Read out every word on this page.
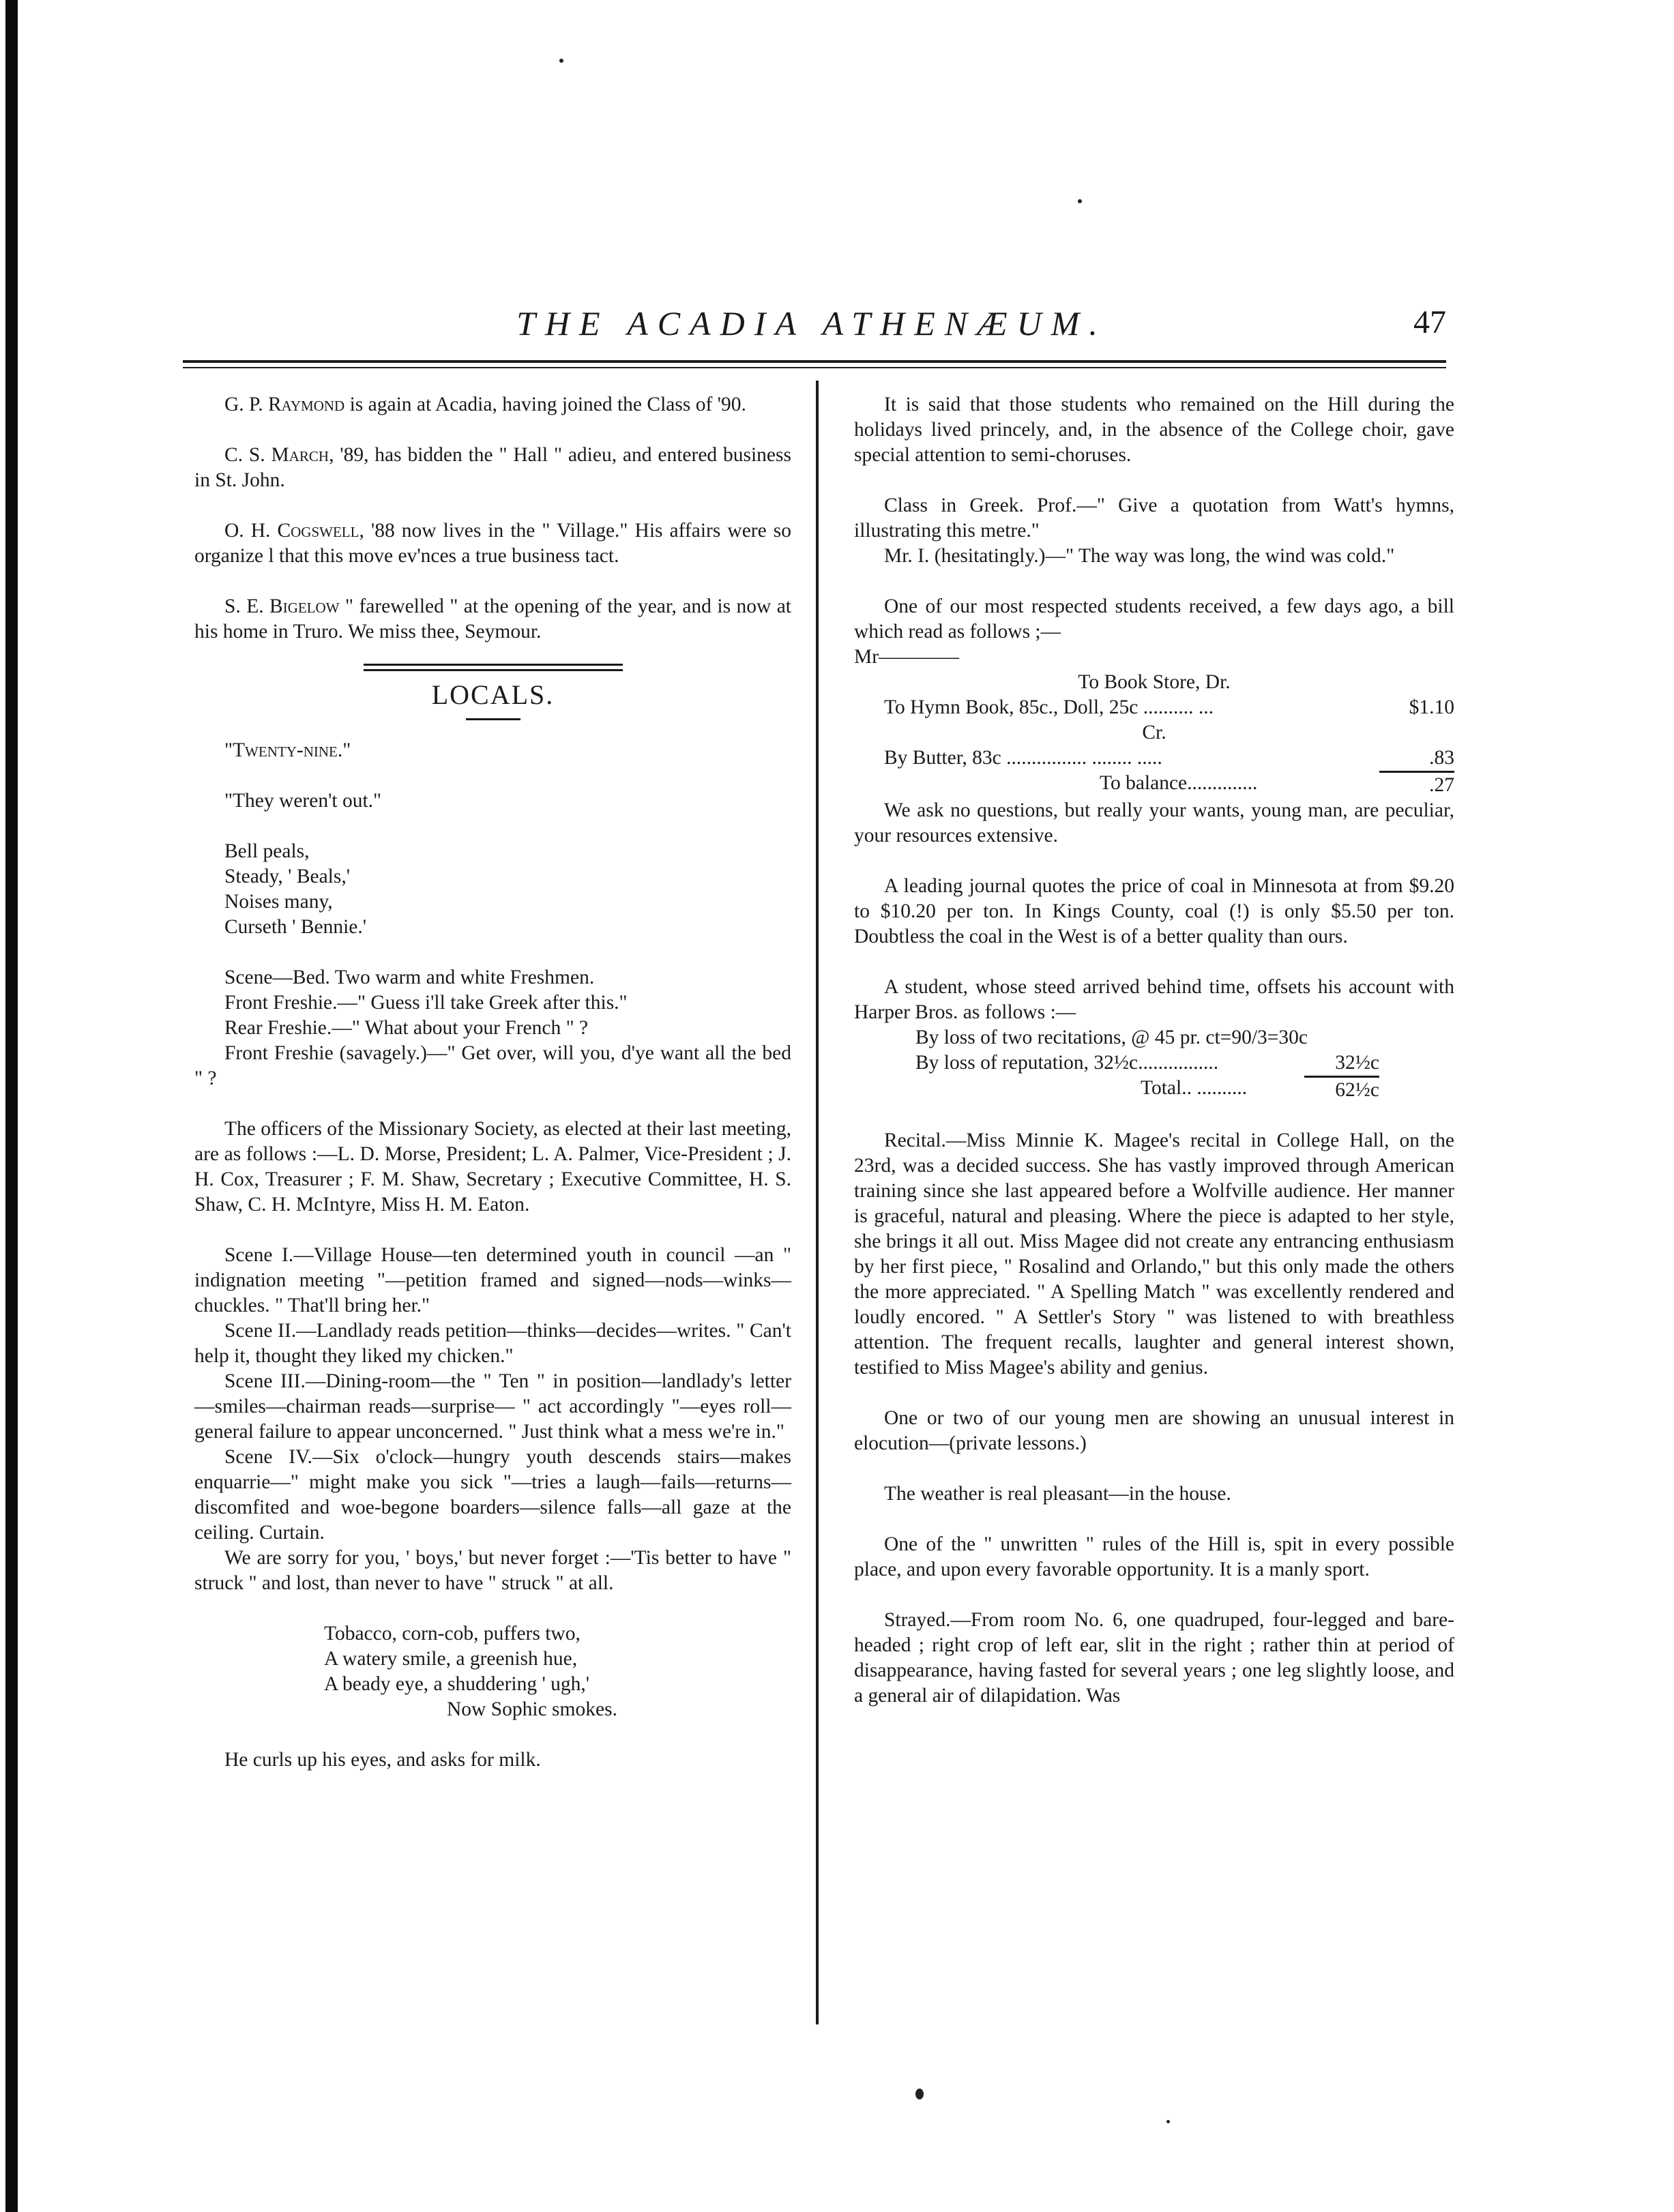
THE ACADIA ATHENÆUM.	47

G. P. Raymond is again at Acadia, having joined the Class of '90.

C. S. March, '89, has bidden the " Hall " adieu, and entered business in St. John.

O. H. Cogswell, '88 now lives in the " Village." His affairs were so organize l that this move ev'nces a true business tact.

S. E. Bigelow " farewelled " at the opening of the year, and is now at his home in Truro. We miss thee, Seymour.

LOCALS.

"Twenty-nine."

"They weren't out."

Bell peals,
Steady, ' Beals,'
Noises many,
Curseth ' Bennie.'

Scene—Bed. Two warm and white Freshmen.

Front Freshie.—" Guess i'll take Greek after this."

Rear Freshie.—" What about your French " ?

Front Freshie (savagely.)—" Get over, will you, d'ye want all the bed " ?

The officers of the Missionary Society, as elected at their last meeting, are as follows :—L. D. Morse, President; L. A. Palmer, Vice-President ; J. H. Cox, Treasurer ; F. M. Shaw, Secretary ; Executive Committee, H. S. Shaw, C. H. McIntyre, Miss H. M. Eaton.

Scene I.—Village House—ten determined youth in council —an " indignation meeting "—petition framed and signed—nods—winks—chuckles. " That'll bring her."

Scene II.—Landlady reads petition—thinks—decides—writes. " Can't help it, thought they liked my chicken."

Scene III.—Dining-room—the " Ten " in position—landlady's letter—smiles—chairman reads—surprise— " act accordingly "—eyes roll—general failure to appear unconcerned. " Just think what a mess we're in."

Scene IV.—Six o'clock—hungry youth descends stairs—makes enquarrie—" might make you sick "—tries a laugh—fails—returns—discomfited and woe-begone boarders—silence falls—all gaze at the ceiling. Curtain.

We are sorry for you, ' boys,' but never forget :—'Tis better to have " struck " and lost, than never to have " struck " at all.

Tobacco, corn-cob, puffers two,
A watery smile, a greenish hue,
A beady eye, a shuddering ' ugh,'
Now Sophic smokes.

He curls up his eyes, and asks for milk.

It is said that those students who remained on the Hill during the holidays lived princely, and, in the absence of the College choir, gave special attention to semi-choruses.

Class in Greek. Prof.—" Give a quotation from Watt's hymns, illustrating this metre."

Mr. I. (hesitatingly.)—" The way was long, the wind was cold."

One of our most respected students received, a few days ago, a bill which read as follows ;—

Mr————
To Book Store, Dr.
To Hymn Book, 85c., Doll, 25c .......... ...	$1.10
Cr.
By Butter, 83c ................ ........ .....	.83
To balance..............	.27

We ask no questions, but really your wants, young man, are peculiar, your resources extensive.

A leading journal quotes the price of coal in Minnesota at from $9.20 to $10.20 per ton. In Kings County, coal (!) is only $5.50 per ton. Doubtless the coal in the West is of a better quality than ours.

A student, whose steed arrived behind time, offsets his account with Harper Bros. as follows :—

By loss of two recitations, @ 45 pr. ct=90/3=30c
By loss of reputation, 32½c................	32½c
Total.. ..........	62½c

Recital.—Miss Minnie K. Magee's recital in College Hall, on the 23rd, was a decided success. She has vastly improved through American training since she last appeared before a Wolfville audience. Her manner is graceful, natural and pleasing. Where the piece is adapted to her style, she brings it all out. Miss Magee did not create any entrancing enthusiasm by her first piece, " Rosalind and Orlando," but this only made the others the more appreciated. " A Spelling Match " was excellently rendered and loudly encored. " A Settler's Story " was listened to with breathless attention. The frequent recalls, laughter and general interest shown, testified to Miss Magee's ability and genius.

One or two of our young men are showing an unusual interest in elocution—(private lessons.)

The weather is real pleasant—in the house.

One of the " unwritten " rules of the Hill is, spit in every possible place, and upon every favorable opportunity. It is a manly sport.

Strayed.—From room No. 6, one quadruped, four-legged and bare-headed ; right crop of left ear, slit in the right ; rather thin at period of disappearance, having fasted for several years ; one leg slightly loose, and a general air of dilapidation. Was
